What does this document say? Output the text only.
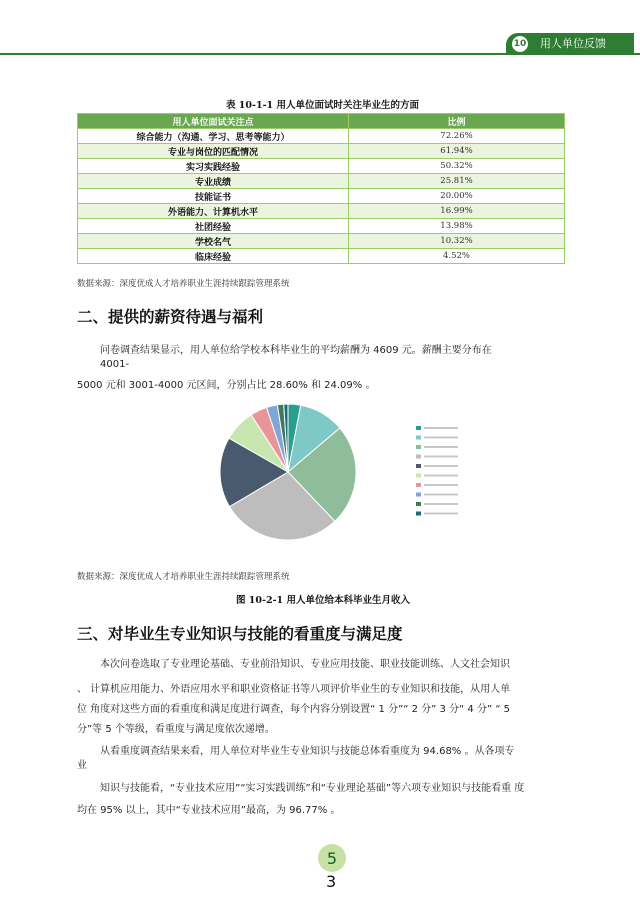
10 用人单位反馈
表 10-1-1 用人单位面试时关注毕业生的方面
用人单位面试关注点	比例
综合能力（沟通、学习、思考等能力）	72.26%
专业与岗位的匹配情况	61.94%
实习实践经验	50.32%
专业成绩	25.81%
技能证书	20.00%
外语能力、计算机水平	16.99%
社团经验	13.98%
学校名气	10.32%
临床经验	4.52%
数据来源：深度优成人才培养职业生涯持续跟踪管理系统
二、提供的薪资待遇与福利
问卷调查结果显示，用人单位给学校本科毕业生的平均薪酬为 4609 元。薪酬主要分布在
4001-
5000 元和 3001-4000 元区间，分别占比 28.60% 和 24.09% 。
数据来源：深度优成人才培养职业生涯持续跟踪管理系统
图 10-2-1 用人单位给本科毕业生月收入
三、对毕业生专业知识与技能的看重度与满足度
本次问卷选取了专业理论基础、专业前沿知识、专业应用技能、职业技能训练、人文社会知识
、 计算机应用能力、外语应用水平和职业资格证书等八项评价毕业生的专业知识和技能，从用人单
位 角度对这些方面的看重度和满足度进行调查，每个内容分别设置“ 1 分”“ 2 分” 3 分“ 4 分” “ 5
分”等 5 个等级，看重度与满足度依次递增。
从看重度调查结果来看，用人单位对毕业生专业知识与技能总体看重度为 94.68% 。从各项专
业
知识与技能看，“专业技术应用”“实习实践训练”和“专业理论基础”等六项专业知识与技能看重 度
均在 95% 以上，其中“专业技术应用”最高，为 96.77% 。
5
3
